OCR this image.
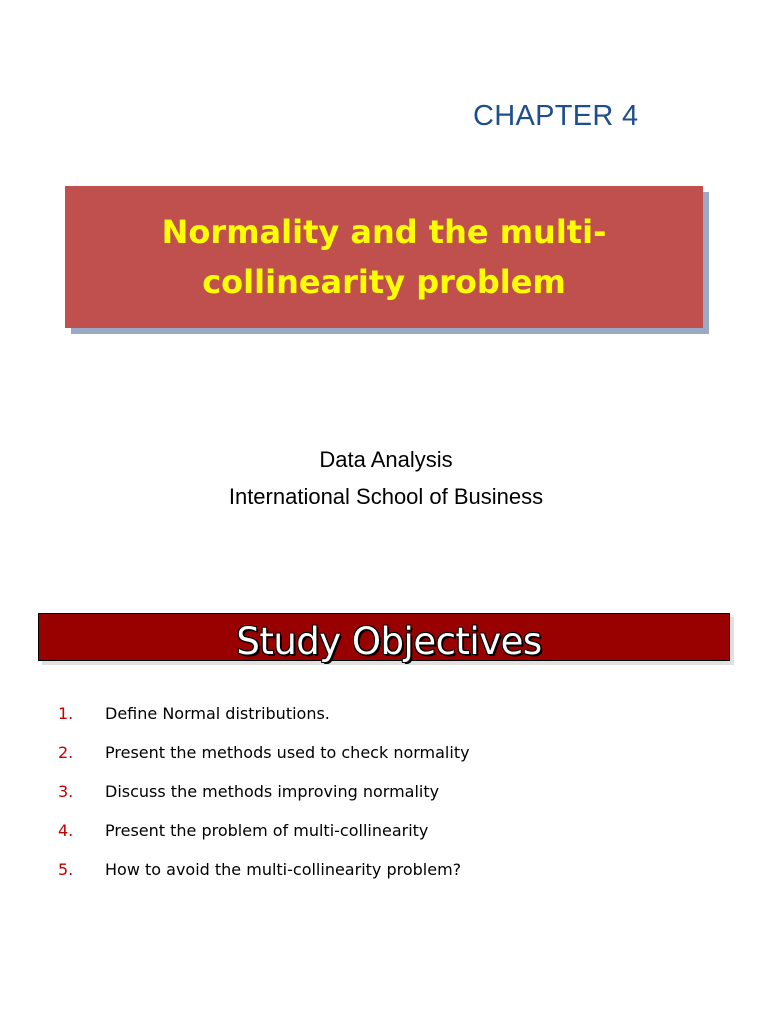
CHAPTER 4
Normality and the multi-collinearity problem
Data Analysis
International School of Business
Study Objectives
1. Define Normal distributions.
2. Present the methods used to check normality
3. Discuss the methods improving normality
4. Present the problem of multi-collinearity
5. How to avoid the multi-collinearity problem?
